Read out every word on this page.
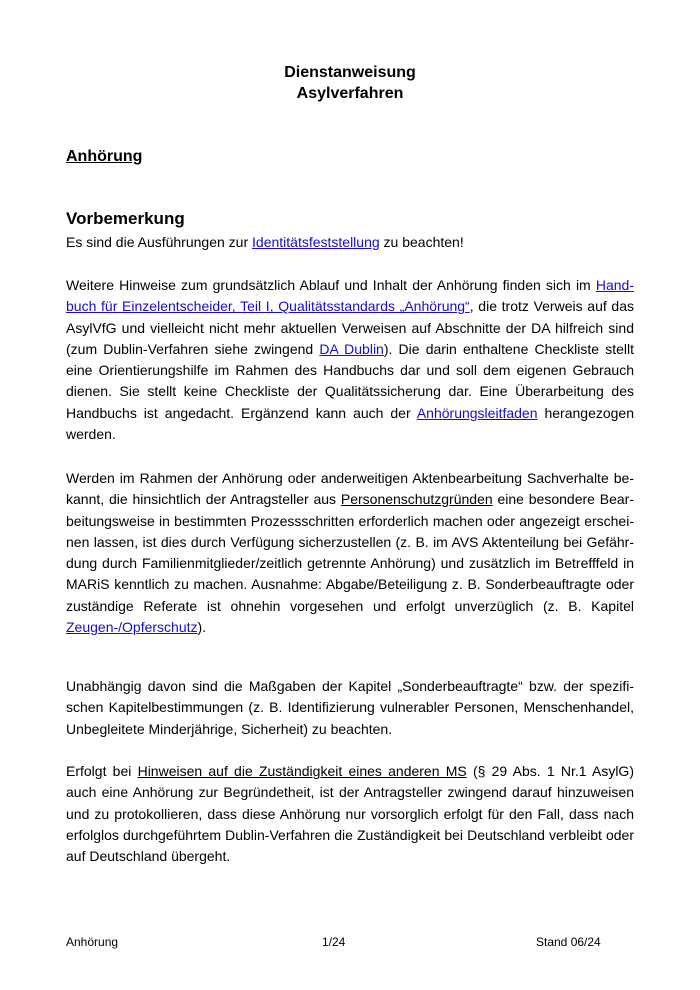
Dienstanweisung
Asylverfahren
Anhörung
Vorbemerkung

Es sind die Ausführungen zur Identitätsfeststellung zu beachten!

Weitere Hinweise zum grundsätzlich Ablauf und Inhalt der Anhörung finden sich im Hand-buch für Einzelentscheider, Teil I, Qualitätsstandards „Anhörung“, die trotz Verweis auf das AsylVfG und vielleicht nicht mehr aktuellen Verweisen auf Abschnitte der DA hilfreich sind (zum Dublin-Verfahren siehe zwingend DA Dublin). Die darin enthaltene Checkliste stellt eine Orientierungshilfe im Rahmen des Handbuchs dar und soll dem eigenen Gebrauch dienen. Sie stellt keine Checkliste der Qualitätssicherung dar. Eine Überarbeitung des Handbuchs ist angedacht. Ergänzend kann auch der Anhörungsleitfaden herangezogen werden.

Werden im Rahmen der Anhörung oder anderweitigen Aktenbearbeitung Sachverhalte be-kannt, die hinsichtlich der Antragsteller aus Personenschutzgründen eine besondere Bear-beitungsweise in bestimmten Prozessschritten erforderlich machen oder angezeigt erschei-nen lassen, ist dies durch Verfügung sicherzustellen (z. B. im AVS Aktenteilung bei Gefähr-dung durch Familienmitglieder/zeitlich getrennte Anhörung) und zusätzlich im Betrefffeld in MARiS kenntlich zu machen. Ausnahme: Abgabe/Beteiligung z. B. Sonderbeauftragte oder zuständige Referate ist ohnehin vorgesehen und erfolgt unverzüglich (z. B. Kapitel Zeugen-/Opferschutz).

Unabhängig davon sind die Maßgaben der Kapitel „Sonderbeauftragte“ bzw. der spezifi-schen Kapitelbestimmungen (z. B. Identifizierung vulnerabler Personen, Menschenhandel, Unbegleitete Minderjährige, Sicherheit) zu beachten.

Erfolgt bei Hinweisen auf die Zuständigkeit eines anderen MS (§ 29 Abs. 1 Nr.1 AsylG) auch eine Anhörung zur Begründetheit, ist der Antragsteller zwingend darauf hinzuweisen und zu protokollieren, dass diese Anhörung nur vorsorglich erfolgt für den Fall, dass nach erfolglos durchgeführtem Dublin-Verfahren die Zuständigkeit bei Deutschland verbleibt oder auf Deutschland übergeht.

Anhörung	1/24	Stand 06/24
